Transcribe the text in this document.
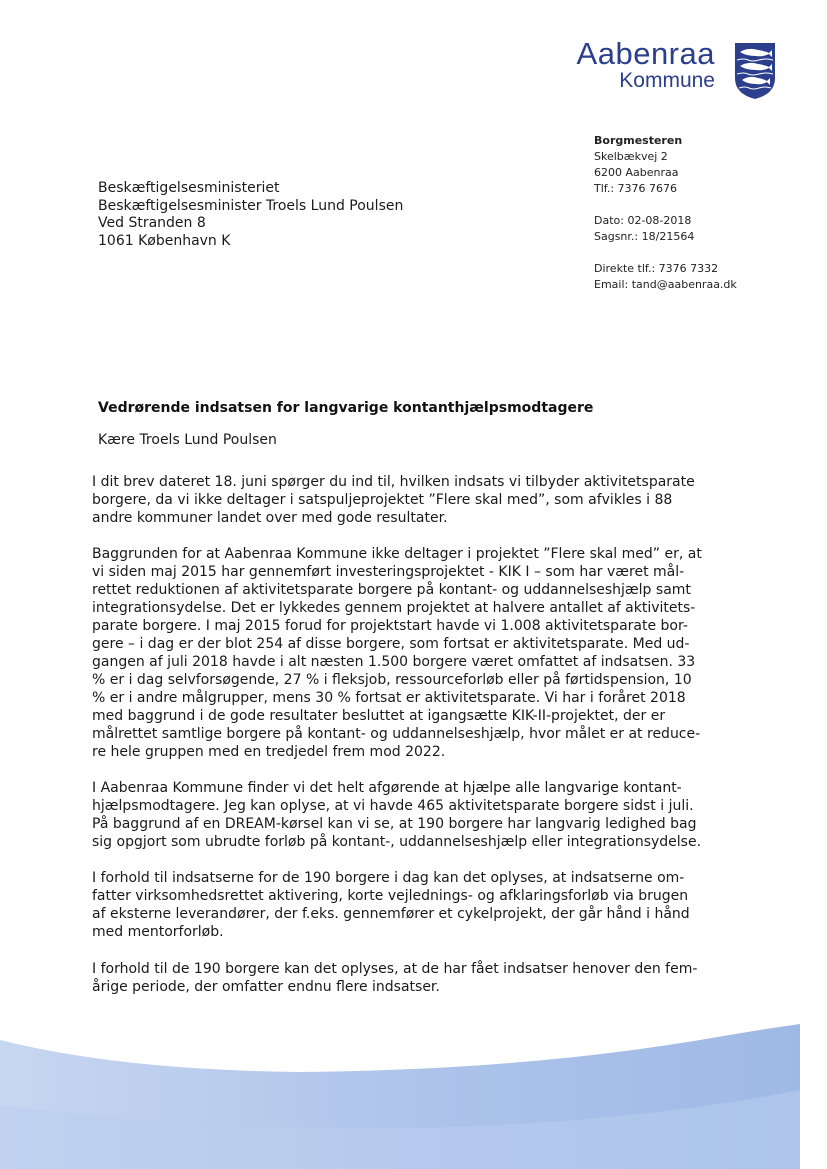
Aabenraa
Kommune
Borgmesteren
Skelbækvej 2
6200 Aabenraa
Tlf.: 7376 7676
Dato: 02-08-2018
Sagsnr.: 18/21564
Direkte tlf.: 7376 7332
Email: tand@aabenraa.dk
Beskæftigelsesministeriet
Beskæftigelsesminister Troels Lund Poulsen
Ved Stranden 8
1061 København K
Vedrørende indsatsen for langvarige kontanthjælpsmodtagere
Kære Troels Lund Poulsen
I dit brev dateret 18. juni spørger du ind til, hvilken indsats vi tilbyder aktivitetsparate
borgere, da vi ikke deltager i satspuljeprojektet ”Flere skal med”, som afvikles i 88
andre kommuner landet over med gode resultater.
Baggrunden for at Aabenraa Kommune ikke deltager i projektet ”Flere skal med” er, at
vi siden maj 2015 har gennemført investeringsprojektet - KIK I – som har været mål-
rettet reduktionen af aktivitetsparate borgere på kontant- og uddannelseshjælp samt
integrationsydelse. Det er lykkedes gennem projektet at halvere antallet af aktivitets-
parate borgere. I maj 2015 forud for projektstart havde vi 1.008 aktivitetsparate bor-
gere – i dag er der blot 254 af disse borgere, som fortsat er aktivitetsparate. Med ud-
gangen af juli 2018 havde i alt næsten 1.500 borgere været omfattet af indsatsen. 33
% er i dag selvforsøgende, 27 % i fleksjob, ressourceforløb eller på førtidspension, 10
% er i andre målgrupper, mens 30 % fortsat er aktivitetsparate. Vi har i foråret 2018
med baggrund i de gode resultater besluttet at igangsætte KIK-II-projektet, der er
målrettet samtlige borgere på kontant- og uddannelseshjælp, hvor målet er at reduce-
re hele gruppen med en tredjedel frem mod 2022.
I Aabenraa Kommune finder vi det helt afgørende at hjælpe alle langvarige kontant-
hjælpsmodtagere. Jeg kan oplyse, at vi havde 465 aktivitetsparate borgere sidst i juli.
På baggrund af en DREAM-kørsel kan vi se, at 190 borgere har langvarig ledighed bag
sig opgjort som ubrudte forløb på kontant-, uddannelseshjælp eller integrationsydelse.
I forhold til indsatserne for de 190 borgere i dag kan det oplyses, at indsatserne om-
fatter virksomhedsrettet aktivering, korte vejlednings- og afklaringsforløb via brugen
af eksterne leverandører, der f.eks. gennemfører et cykelprojekt, der går hånd i hånd
med mentorforløb.
I forhold til de 190 borgere kan det oplyses, at de har fået indsatser henover den fem-
årige periode, der omfatter endnu flere indsatser.
